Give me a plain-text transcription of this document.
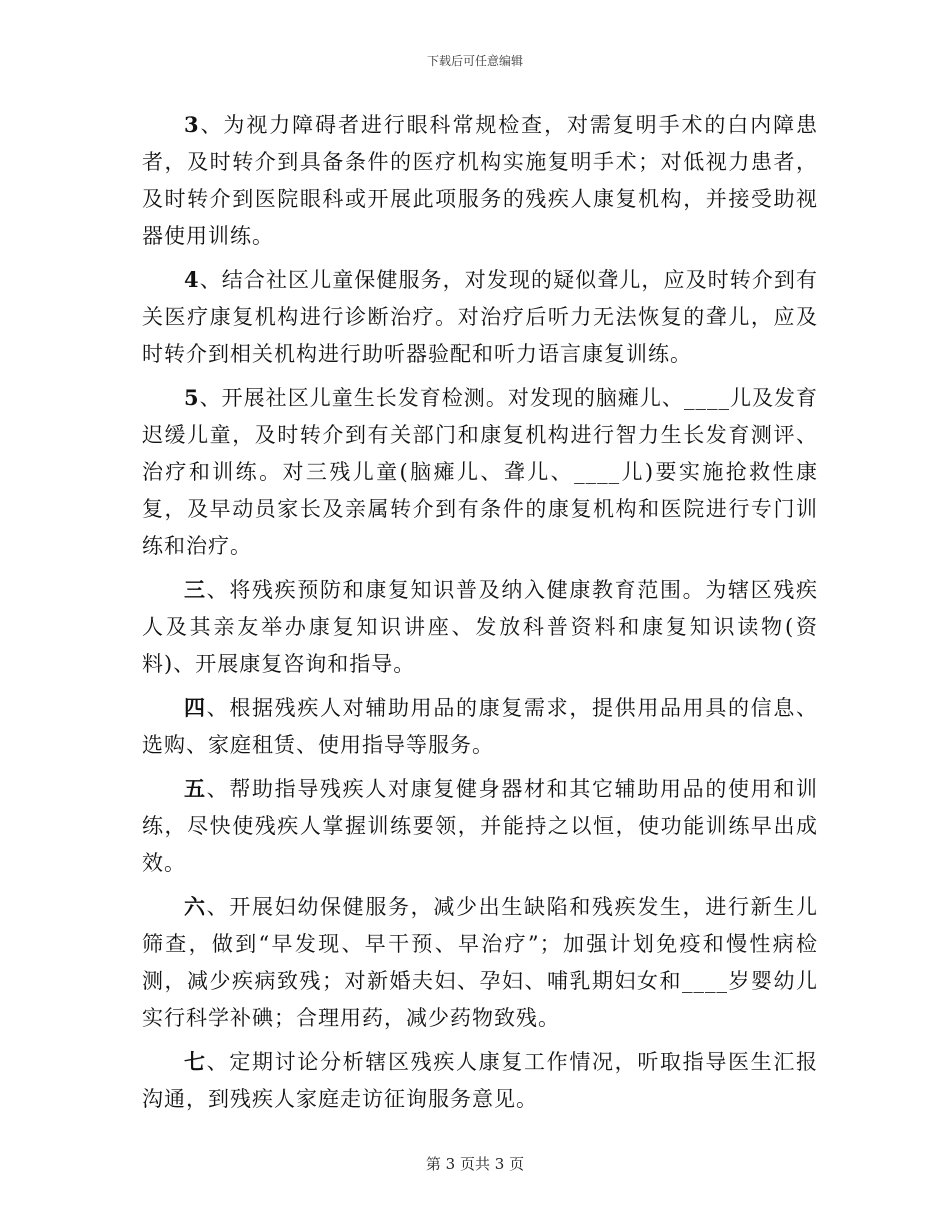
下载后可任意编辑

3、为视力障碍者进行眼科常规检查，对需复明手术的白内障患者，及时转介到具备条件的医疗机构实施复明手术；对低视力患者，及时转介到医院眼科或开展此项服务的残疾人康复机构，并接受助视器使用训练。

4、结合社区儿童保健服务，对发现的疑似聋儿，应及时转介到有关医疗康复机构进行诊断治疗。对治疗后听力无法恢复的聋儿，应及时转介到相关机构进行助听器验配和听力语言康复训练。

5、开展社区儿童生长发育检测。对发现的脑瘫儿、____儿及发育迟缓儿童，及时转介到有关部门和康复机构进行智力生长发育测评、治疗和训练。对三残儿童(脑瘫儿、聋儿、____儿)要实施抢救性康复，及早动员家长及亲属转介到有条件的康复机构和医院进行专门训练和治疗。

三、将残疾预防和康复知识普及纳入健康教育范围。为辖区残疾人及其亲友举办康复知识讲座、发放科普资料和康复知识读物(资料)、开展康复咨询和指导。

四、根据残疾人对辅助用品的康复需求，提供用品用具的信息、选购、家庭租赁、使用指导等服务。

五、帮助指导残疾人对康复健身器材和其它辅助用品的使用和训练，尽快使残疾人掌握训练要领，并能持之以恒，使功能训练早出成效。

六、开展妇幼保健服务，减少出生缺陷和残疾发生，进行新生儿筛查，做到“早发现、早干预、早治疗”；加强计划免疫和慢性病检测，减少疾病致残；对新婚夫妇、孕妇、哺乳期妇女和____岁婴幼儿实行科学补碘；合理用药，减少药物致残。

七、定期讨论分析辖区残疾人康复工作情况，听取指导医生汇报沟通，到残疾人家庭走访征询服务意见。

第 3 页共 3 页
